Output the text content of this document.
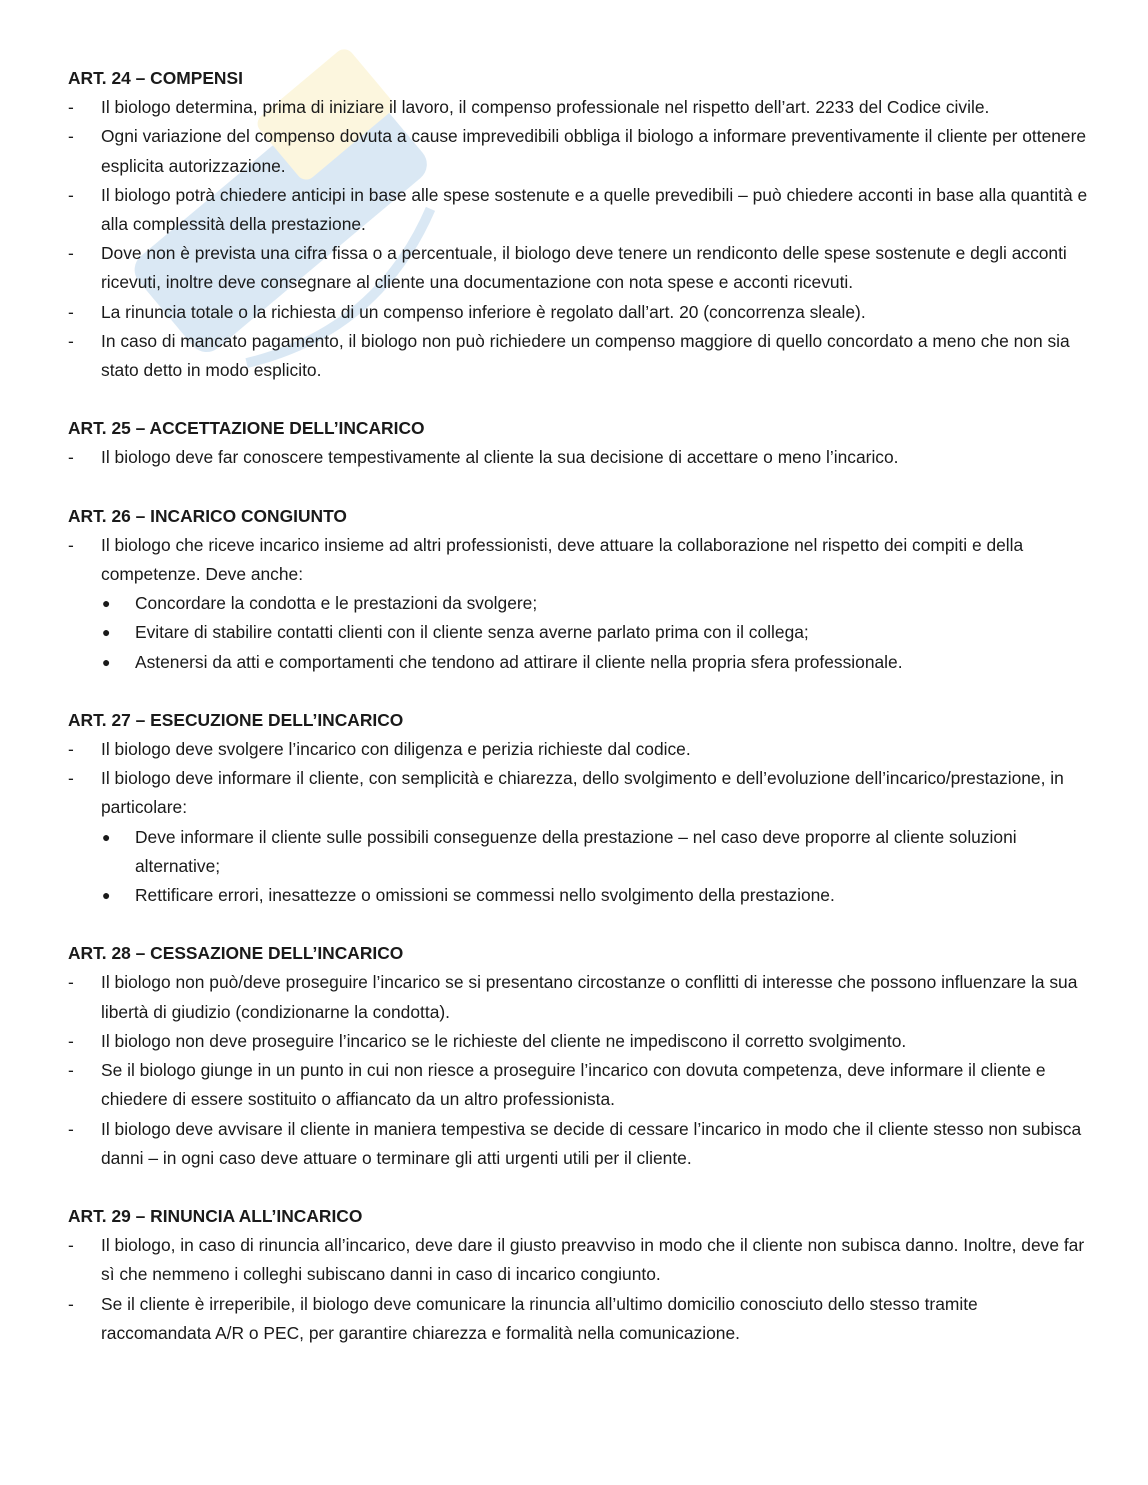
ART. 24 – COMPENSI
- Il biologo determina, prima di iniziare il lavoro, il compenso professionale nel rispetto dell’art. 2233 del Codice civile.
- Ogni variazione del compenso dovuta a cause imprevedibili obbliga il biologo a informare preventivamente il cliente per ottenere esplicita autorizzazione.
- Il biologo potrà chiedere anticipi in base alle spese sostenute e a quelle prevedibili – può chiedere acconti in base alla quantità e alla complessità della prestazione.
- Dove non è prevista una cifra fissa o a percentuale, il biologo deve tenere un rendiconto delle spese sostenute e degli acconti ricevuti, inoltre deve consegnare al cliente una documentazione con nota spese e acconti ricevuti.
- La rinuncia totale o la richiesta di un compenso inferiore è regolato dall’art. 20 (concorrenza sleale).
- In caso di mancato pagamento, il biologo non può richiedere un compenso maggiore di quello concordato a meno che non sia stato detto in modo esplicito.
ART. 25 – ACCETTAZIONE DELL’INCARICO
- Il biologo deve far conoscere tempestivamente al cliente la sua decisione di accettare o meno l’incarico.
ART. 26 – INCARICO CONGIUNTO
- Il biologo che riceve incarico insieme ad altri professionisti, deve attuare la collaborazione nel rispetto dei compiti e della competenze. Deve anche:
● Concordare la condotta e le prestazioni da svolgere;
● Evitare di stabilire contatti clienti con il cliente senza averne parlato prima con il collega;
● Astenersi da atti e comportamenti che tendono ad attirare il cliente nella propria sfera professionale.
ART. 27 – ESECUZIONE DELL’INCARICO
- Il biologo deve svolgere l’incarico con diligenza e perizia richieste dal codice.
- Il biologo deve informare il cliente, con semplicità e chiarezza, dello svolgimento e dell’evoluzione dell’incarico/prestazione, in particolare:
● Deve informare il cliente sulle possibili conseguenze della prestazione – nel caso deve proporre al cliente soluzioni alternative;
● Rettificare errori, inesattezze o omissioni se commessi nello svolgimento della prestazione.
ART. 28 – CESSAZIONE DELL’INCARICO
- Il biologo non può/deve proseguire l’incarico se si presentano circostanze o conflitti di interesse che possono influenzare la sua libertà di giudizio (condizionarne la condotta).
- Il biologo non deve proseguire l’incarico se le richieste del cliente ne impediscono il corretto svolgimento.
- Se il biologo giunge in un punto in cui non riesce a proseguire l’incarico con dovuta competenza, deve informare il cliente e chiedere di essere sostituito o affiancato da un altro professionista.
- Il biologo deve avvisare il cliente in maniera tempestiva se decide di cessare l’incarico in modo che il cliente stesso non subisca danni – in ogni caso deve attuare o terminare gli atti urgenti utili per il cliente.
ART. 29 – RINUNCIA ALL’INCARICO
- Il biologo, in caso di rinuncia all’incarico, deve dare il giusto preavviso in modo che il cliente non subisca danno. Inoltre, deve far sì che nemmeno i colleghi subiscano danni in caso di incarico congiunto.
- Se il cliente è irreperibile, il biologo deve comunicare la rinuncia all’ultimo domicilio conosciuto dello stesso tramite raccomandata A/R o PEC, per garantire chiarezza e formalità nella comunicazione.
